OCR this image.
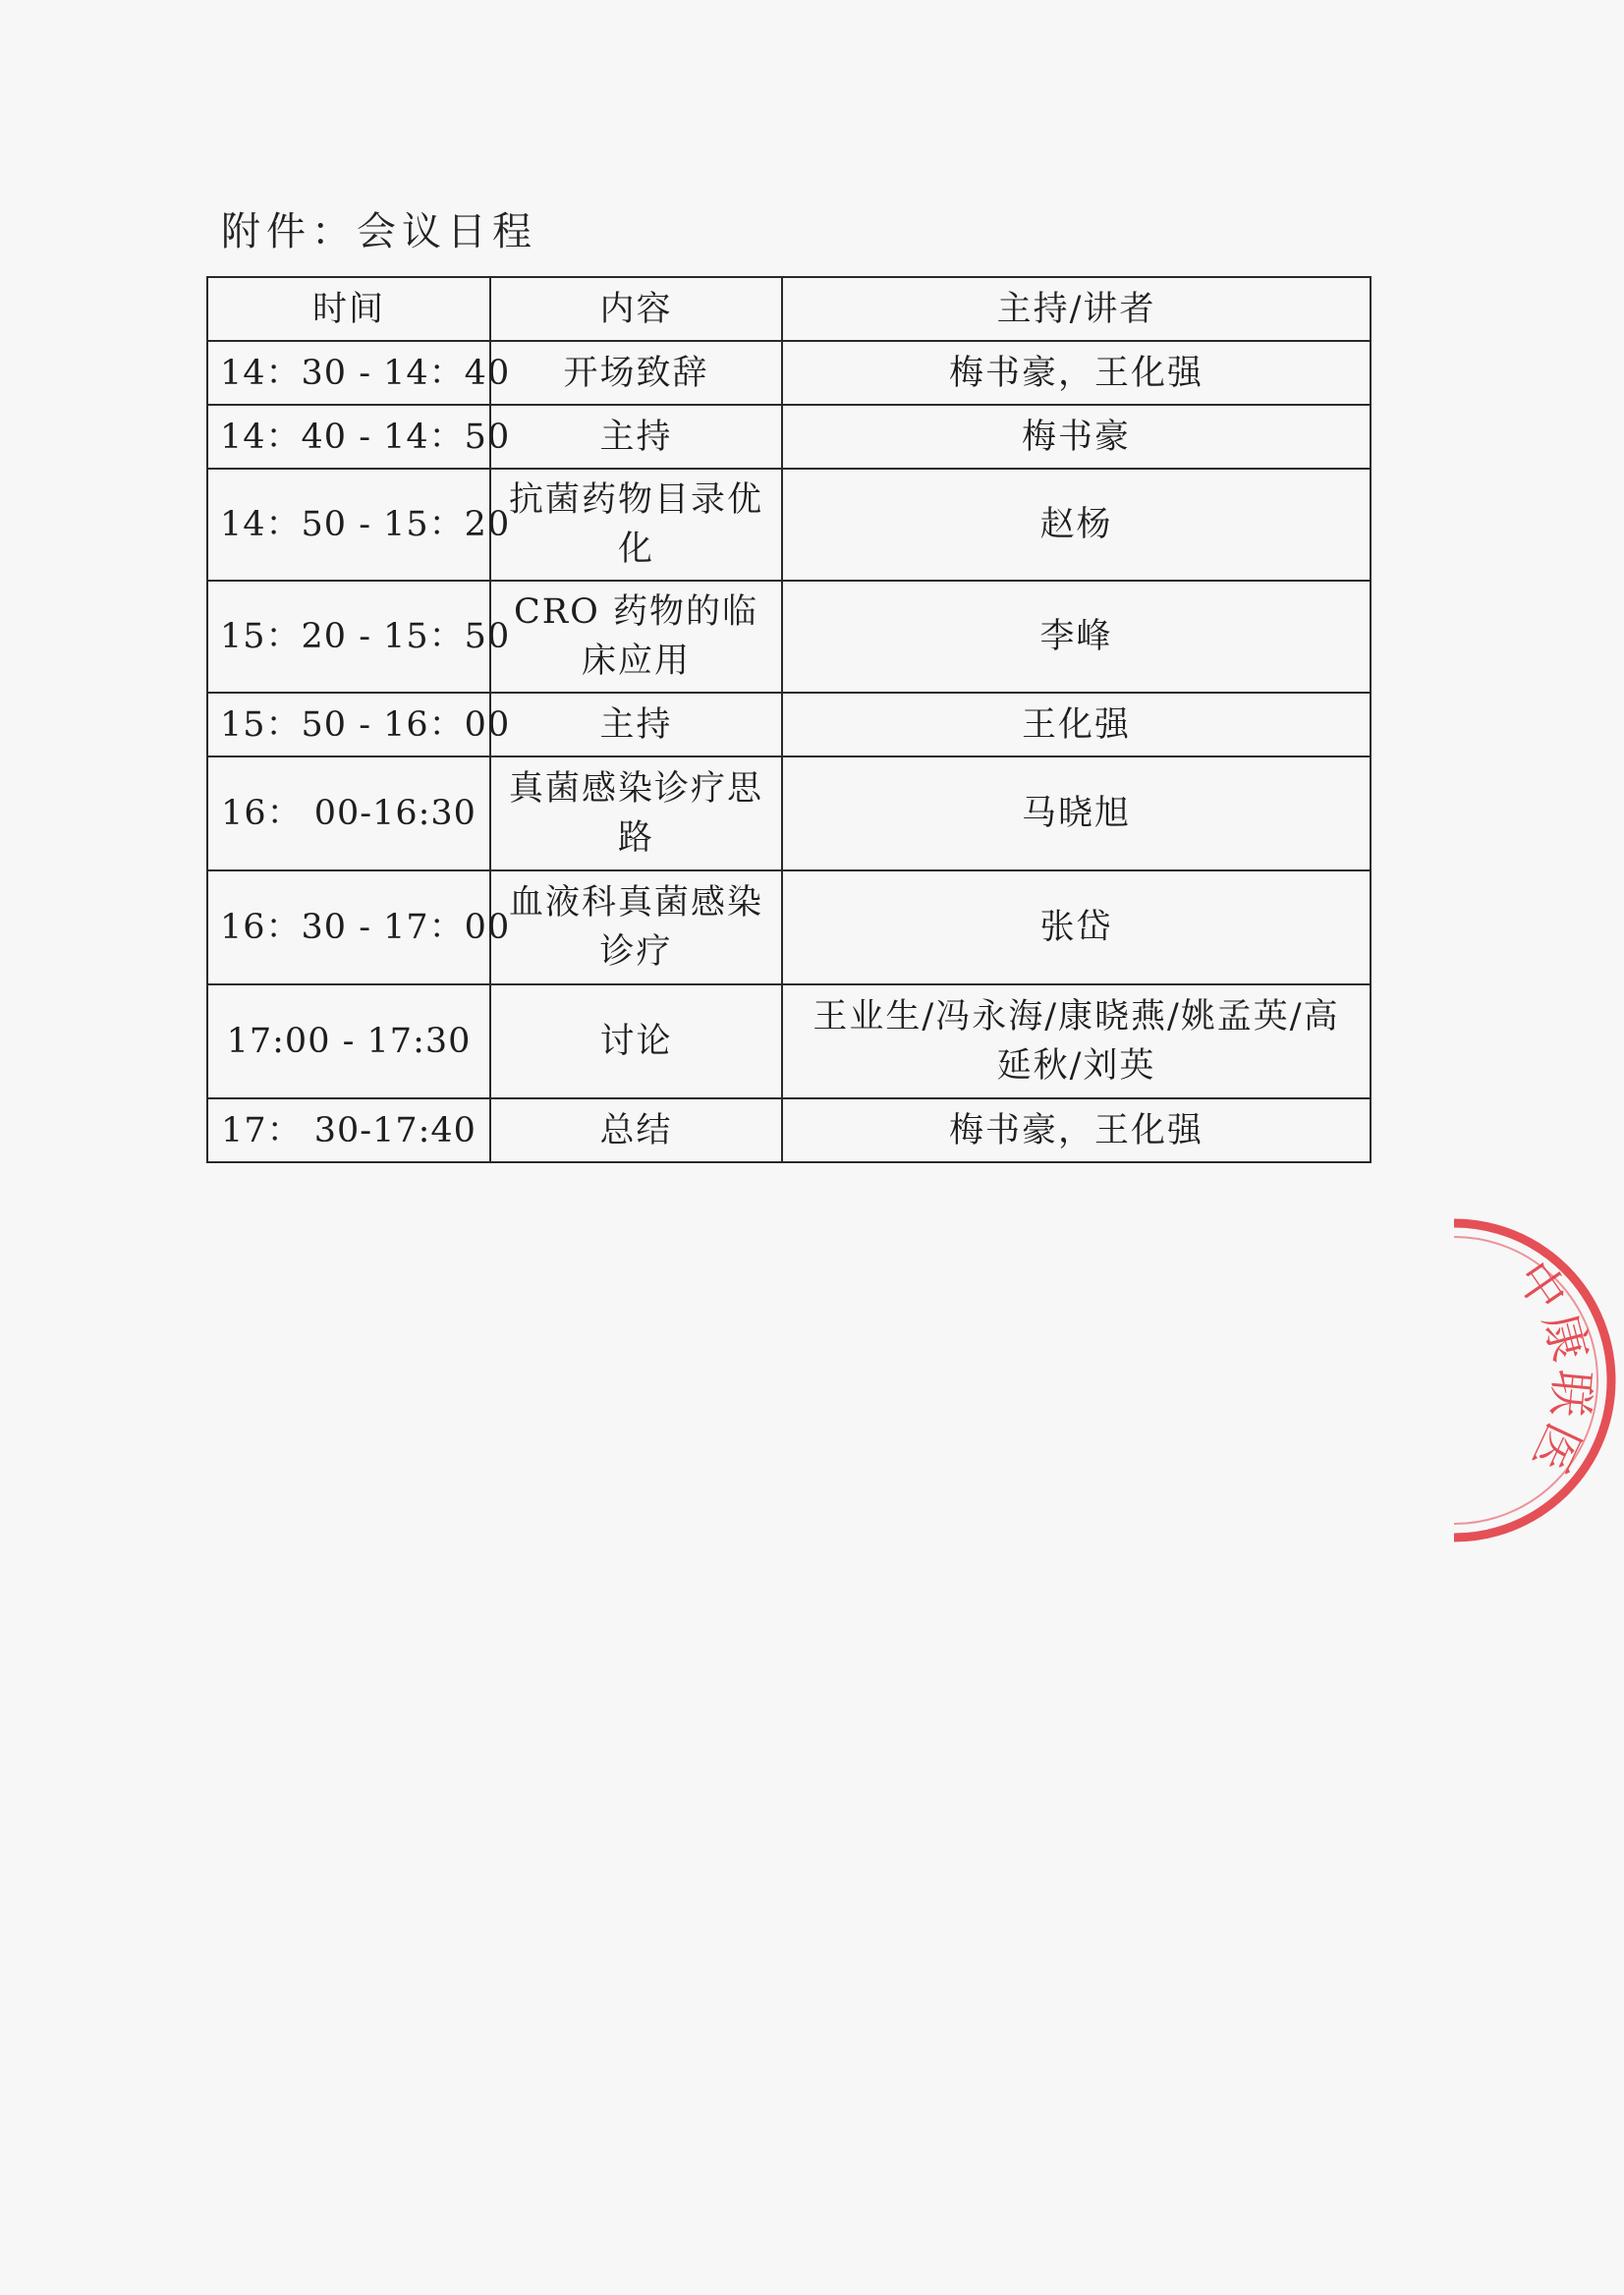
附件：会议日程
时间	内容	主持/讲者
14：30 - 14：40	开场致辞	梅书豪，王化强
14：40 - 14：50	主持	梅书豪
14：50 - 15：20	抗菌药物目录优化	赵杨
15：20 - 15：50	CRO 药物的临床应用	李峰
15：50 - 16：00	主持	王化强
16： 00-16:30	真菌感染诊疗思路	马晓旭
16：30 - 17：00	血液科真菌感染诊疗	张岱
17:00 - 17:30	讨论	王业生/冯永海/康晓燕/姚孟英/高延秋/刘英
17： 30-17:40	总结	梅书豪，王化强
中康联医
